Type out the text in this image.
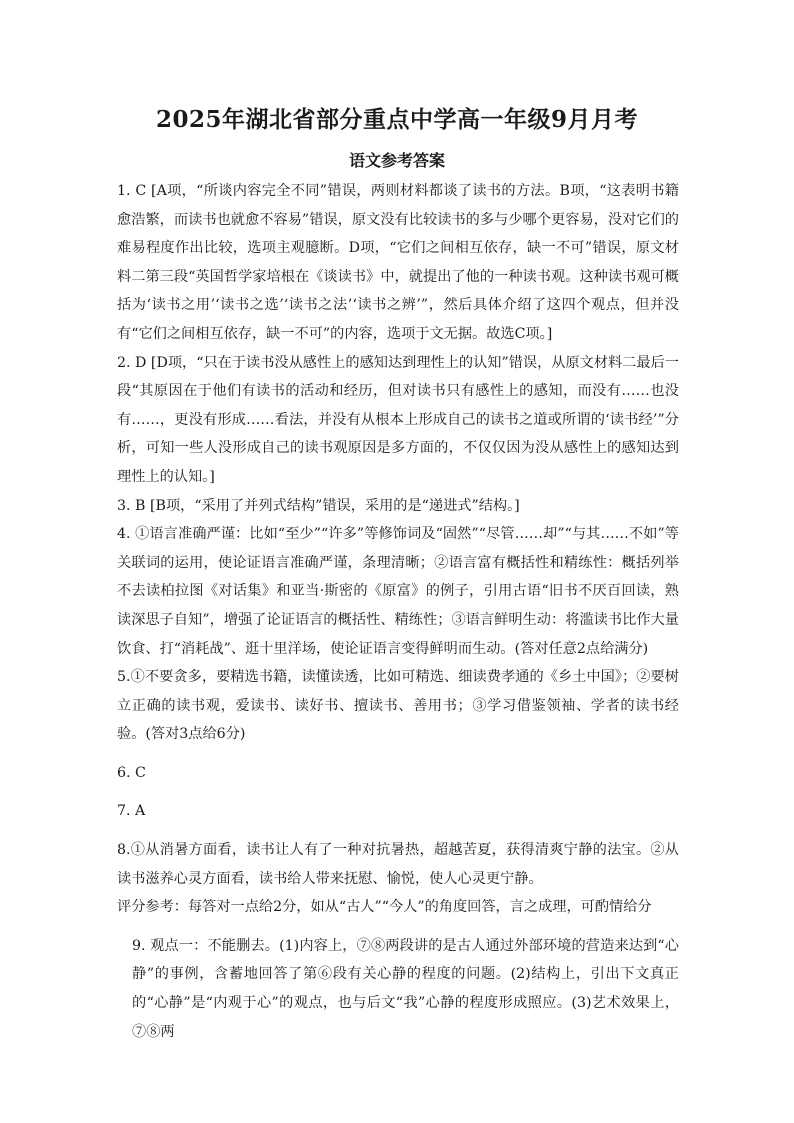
2025年湖北省部分重点中学高一年级9月月考
语文参考答案

1. C [A项，“所谈内容完全不同”错误，两则材料都谈了读书的方法。B项，“这表明书籍愈浩繁，而读书也就愈不容易”错误，原文没有比较读书的多与少哪个更容易，没对它们的难易程度作出比较，选项主观臆断。D项，“它们之间相互依存，缺一不可”错误，原文材料二第三段“英国哲学家培根在《谈读书》中，就提出了他的一种读书观。这种读书观可概括为‘读书之用’‘读书之选’‘读书之法’‘读书之辨’”，然后具体介绍了这四个观点，但并没有“它们之间相互依存，缺一不可”的内容，选项于文无据。故选C项。]

2. D [D项，“只在于读书没从感性上的感知达到理性上的认知”错误，从原文材料二最后一段“其原因在于他们有读书的活动和经历，但对读书只有感性上的感知，而没有……也没有……，更没有形成……看法，并没有从根本上形成自己的读书之道或所谓的‘读书经’”分析，可知一些人没形成自己的读书观原因是多方面的，不仅仅因为没从感性上的感知达到理性上的认知。]

3. B [B项，“采用了并列式结构”错误，采用的是“递进式”结构。]

4. ①语言准确严谨：比如“至少”“许多”等修饰词及“固然”“尽管……却”“与其……不如”等关联词的运用，使论证语言准确严谨，条理清晰；②语言富有概括性和精练性：概括列举不去读柏拉图《对话集》和亚当·斯密的《原富》的例子，引用古语“旧书不厌百回读，熟读深思子自知”，增强了论证语言的概括性、精练性；③语言鲜明生动：将滥读书比作大量饮食、打“消耗战”、逛十里洋场，使论证语言变得鲜明而生动。(答对任意2点给满分)

5.①不要贪多，要精选书籍，读懂读透，比如可精选、细读费孝通的《乡土中国》；②要树立正确的读书观，爱读书、读好书、擅读书、善用书；③学习借鉴领袖、学者的读书经验。(答对3点给6分)

6. C

7. A

8.①从消暑方面看，读书让人有了一种对抗暑热，超越苦夏，获得清爽宁静的法宝。②从读书滋养心灵方面看，读书给人带来抚慰、愉悦，使人心灵更宁静。

评分参考：每答对一点给2分，如从“古人”“今人”的角度回答，言之成理，可酌情给分

9. 观点一：不能删去。(1)内容上，⑦⑧两段讲的是古人通过外部环境的营造来达到“心静”的事例，含蓄地回答了第⑥段有关心静的程度的问题。(2)结构上，引出下文真正的“心静”是“内观于心”的观点，也与后文“我”心静的程度形成照应。(3)艺术效果上，⑦⑧两
